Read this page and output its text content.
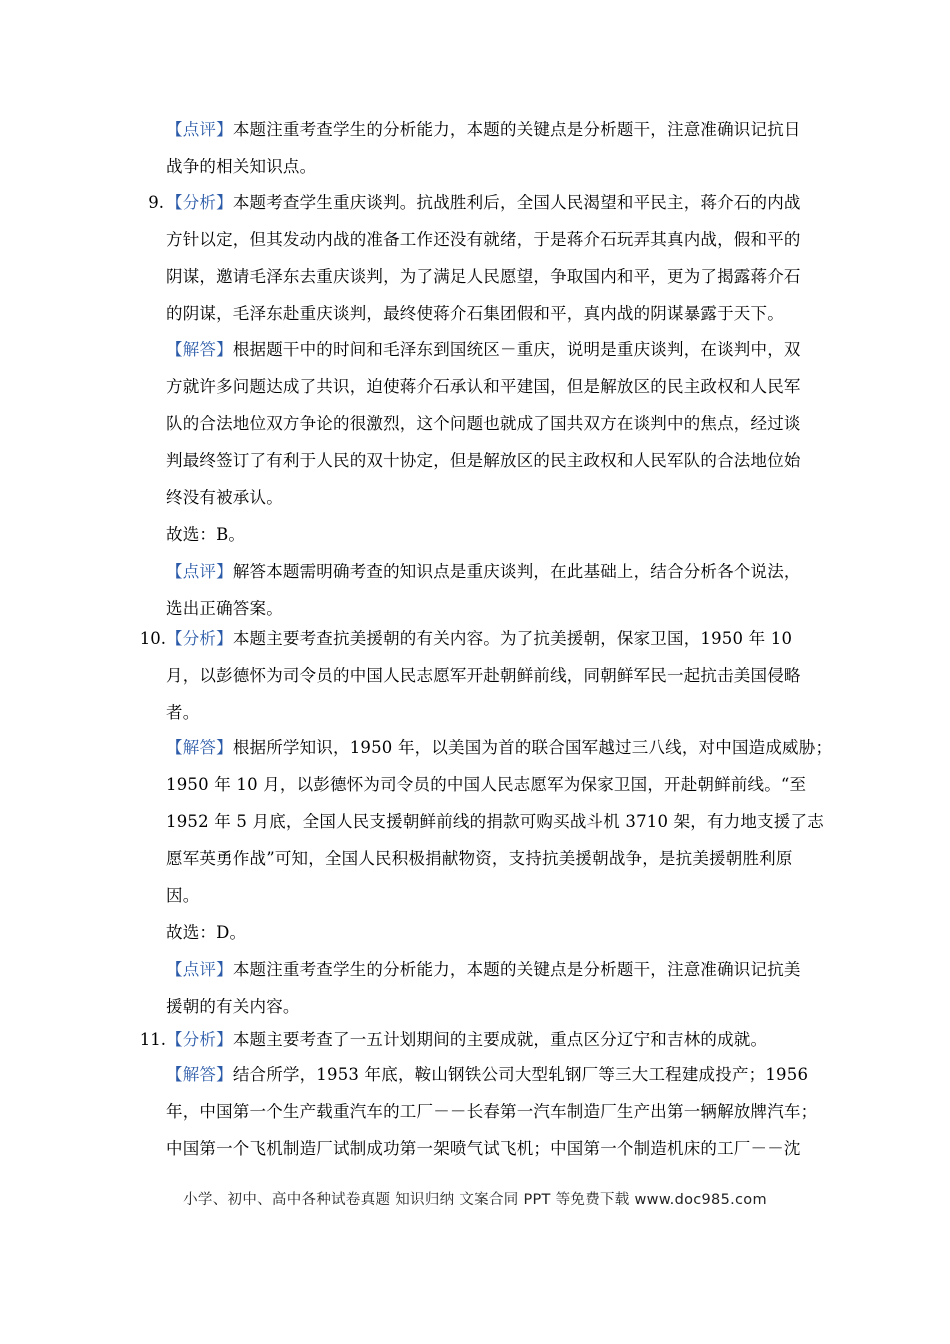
【点评】本题注重考查学生的分析能力，本题的关键点是分析题干，注意准确识记抗日
战争的相关知识点。
9. 【分析】本题考查学生重庆谈判。抗战胜利后，全国人民渴望和平民主，蒋介石的内战
方针以定，但其发动内战的准备工作还没有就绪，于是蒋介石玩弄其真内战，假和平的
阴谋，邀请毛泽东去重庆谈判，为了满足人民愿望，争取国内和平，更为了揭露蒋介石
的阴谋，毛泽东赴重庆谈判，最终使蒋介石集团假和平，真内战的阴谋暴露于天下。
【解答】根据题干中的时间和毛泽东到国统区－重庆，说明是重庆谈判，在谈判中，双
方就许多问题达成了共识，迫使蒋介石承认和平建国，但是解放区的民主政权和人民军
队的合法地位双方争论的很激烈，这个问题也就成了国共双方在谈判中的焦点，经过谈
判最终签订了有利于人民的双十协定，但是解放区的民主政权和人民军队的合法地位始
终没有被承认。
故选：B。
【点评】解答本题需明确考查的知识点是重庆谈判，在此基础上，结合分析各个说法，
选出正确答案。
10. 【分析】本题主要考查抗美援朝的有关内容。为了抗美援朝，保家卫国，1950 年 10
月，以彭德怀为司令员的中国人民志愿军开赴朝鲜前线，同朝鲜军民一起抗击美国侵略
者。
【解答】根据所学知识，1950 年，以美国为首的联合国军越过三八线，对中国造成威胁；
1950 年 10 月，以彭德怀为司令员的中国人民志愿军为保家卫国，开赴朝鲜前线。“至
1952 年 5 月底，全国人民支援朝鲜前线的捐款可购买战斗机 3710 架，有力地支援了志
愿军英勇作战”可知，全国人民积极捐献物资，支持抗美援朝战争，是抗美援朝胜利原
因。
故选：D。
【点评】本题注重考查学生的分析能力，本题的关键点是分析题干，注意准确识记抗美
援朝的有关内容。
11. 【分析】本题主要考查了一五计划期间的主要成就，重点区分辽宁和吉林的成就。
【解答】结合所学，1953 年底，鞍山钢铁公司大型轧钢厂等三大工程建成投产；1956
年，中国第一个生产载重汽车的工厂－－长春第一汽车制造厂生产出第一辆解放牌汽车；
中国第一个飞机制造厂试制成功第一架喷气试飞机；中国第一个制造机床的工厂－－沈
小学、初中、高中各种试卷真题 知识归纳 文案合同 PPT 等免费下载 www.doc985.com
